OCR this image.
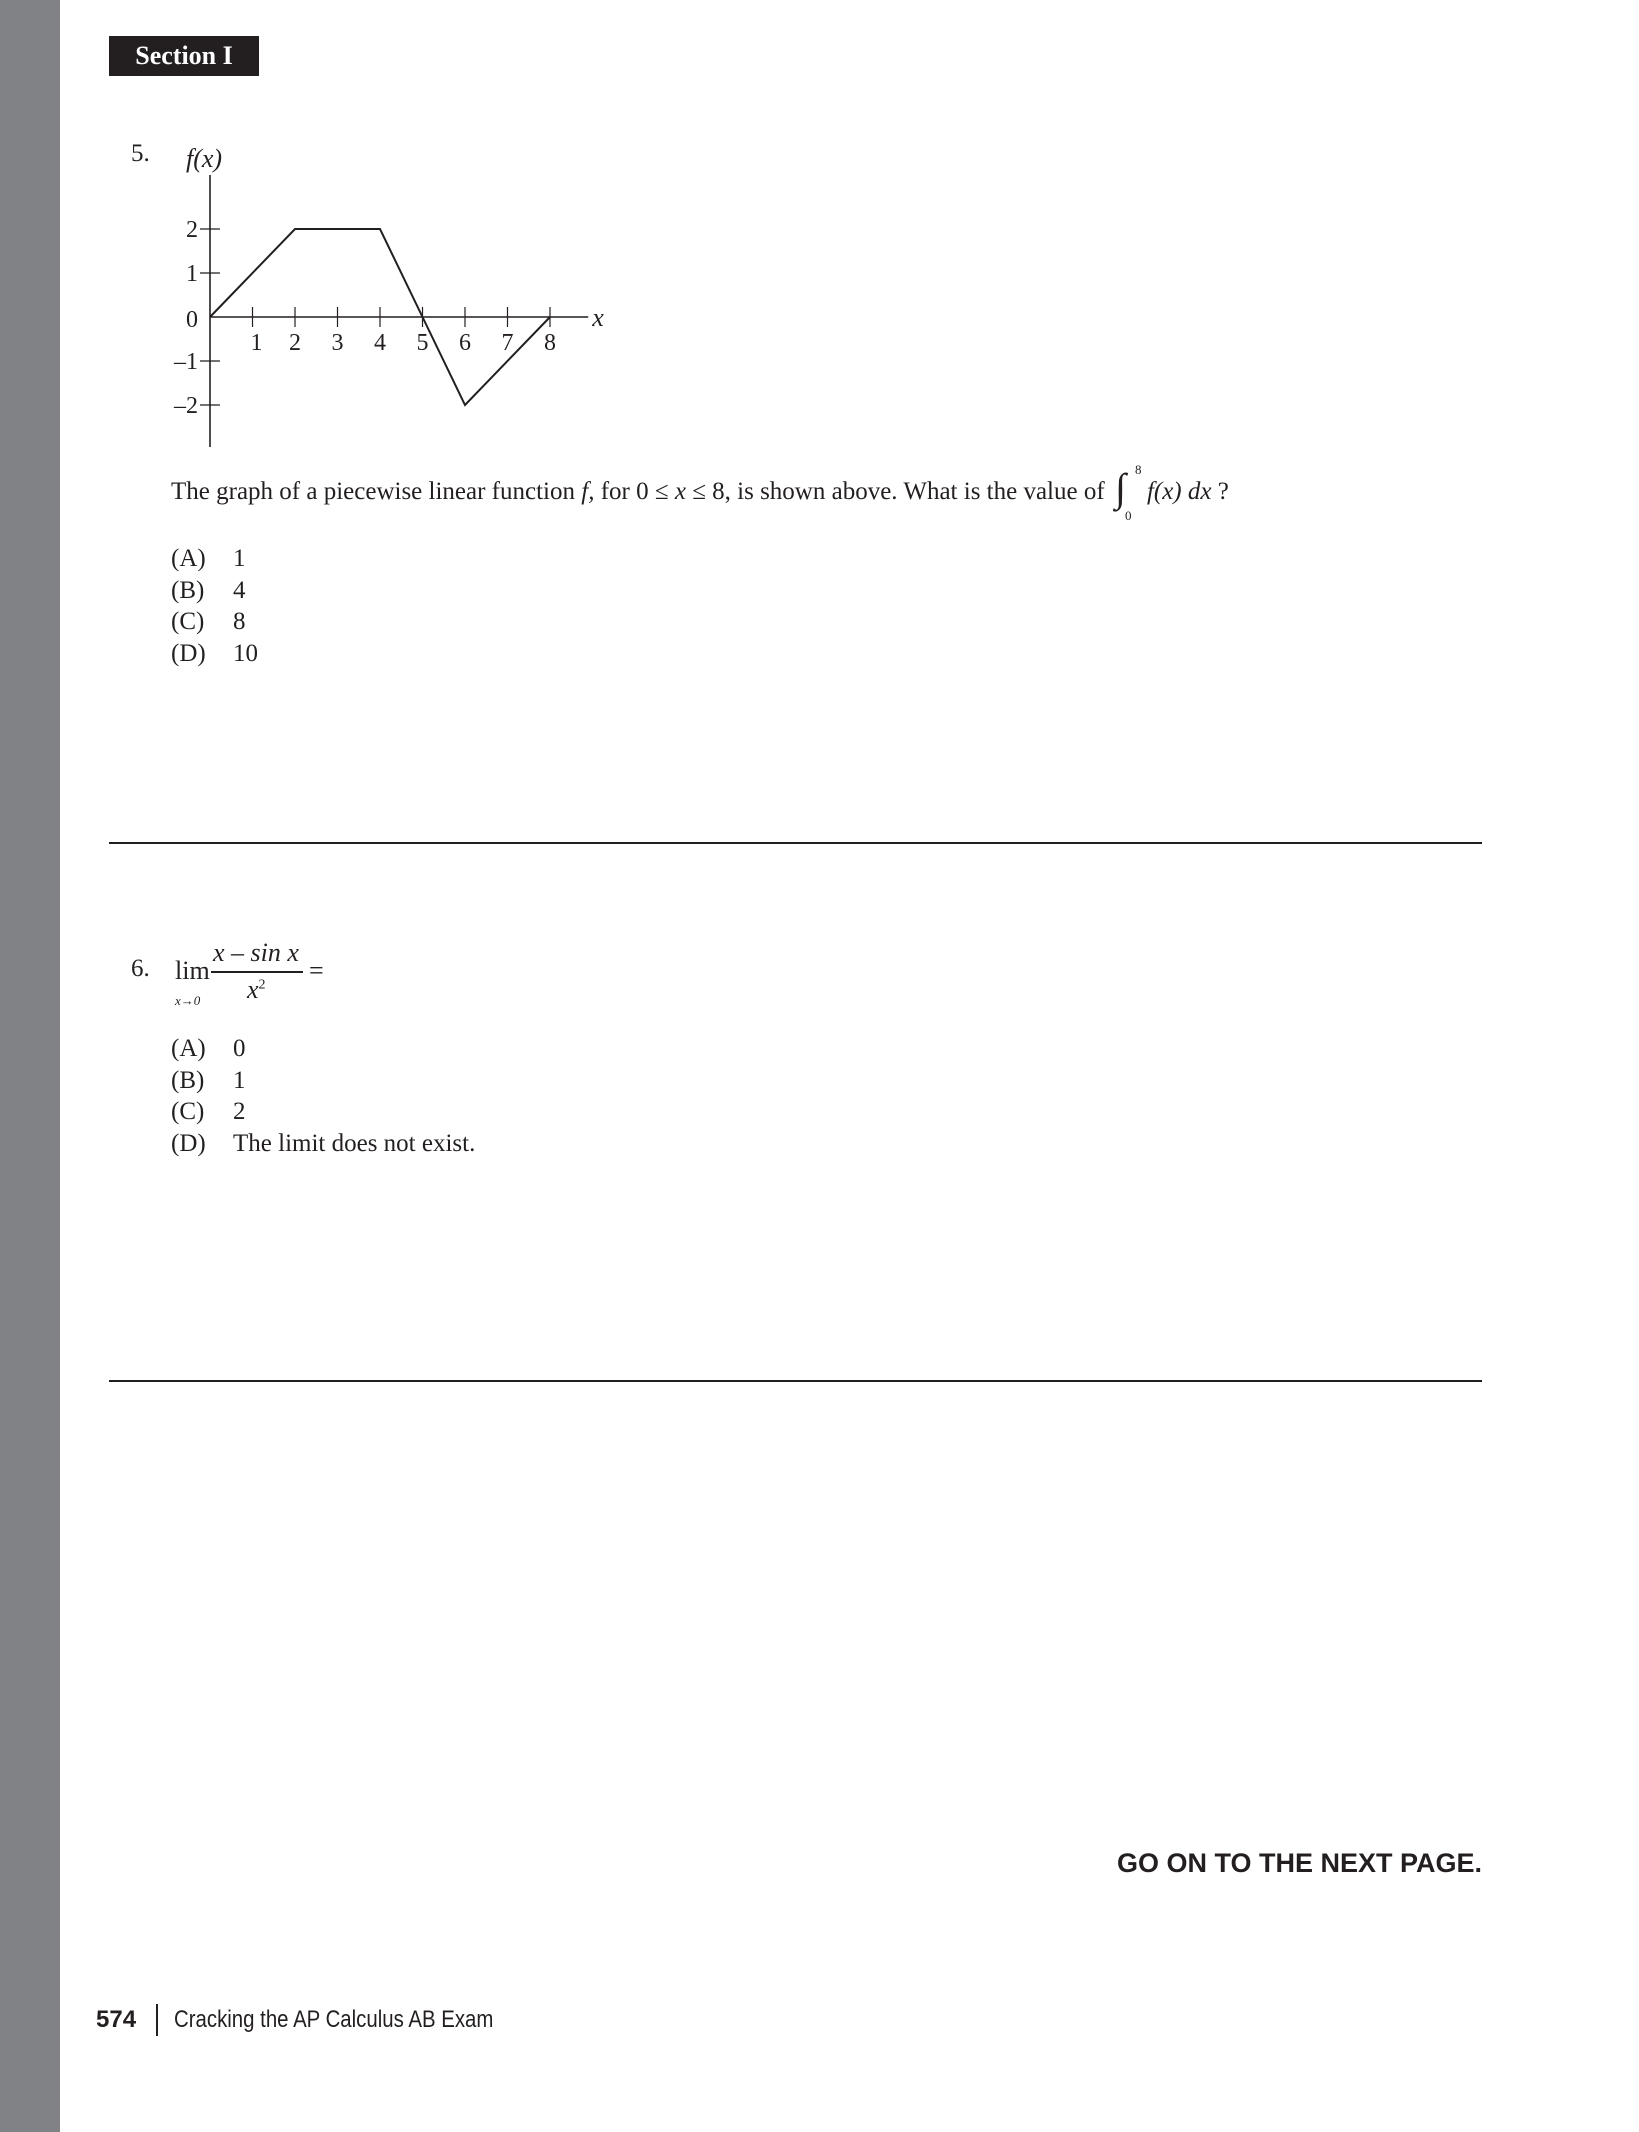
Section I
5.
1 2 3 4 5 6 7 8
2
1
0
–1
–2
f(x)
x
The graph of a piecewise linear function f, for 0 ≤ x ≤ 8, is shown above. What is the value of ∫ 8
0
f(x) dx ?
(A) 1
(B) 4
(C) 8
(D) 10
6. lim
x→0
x – sin x
$x^2$ =
(A) 0
(B) 1
(C) 2
(D) The limit does not exist.
GO ON TO THE NEXT PAGE.
574 Cracking the AP Calculus AB Exam
